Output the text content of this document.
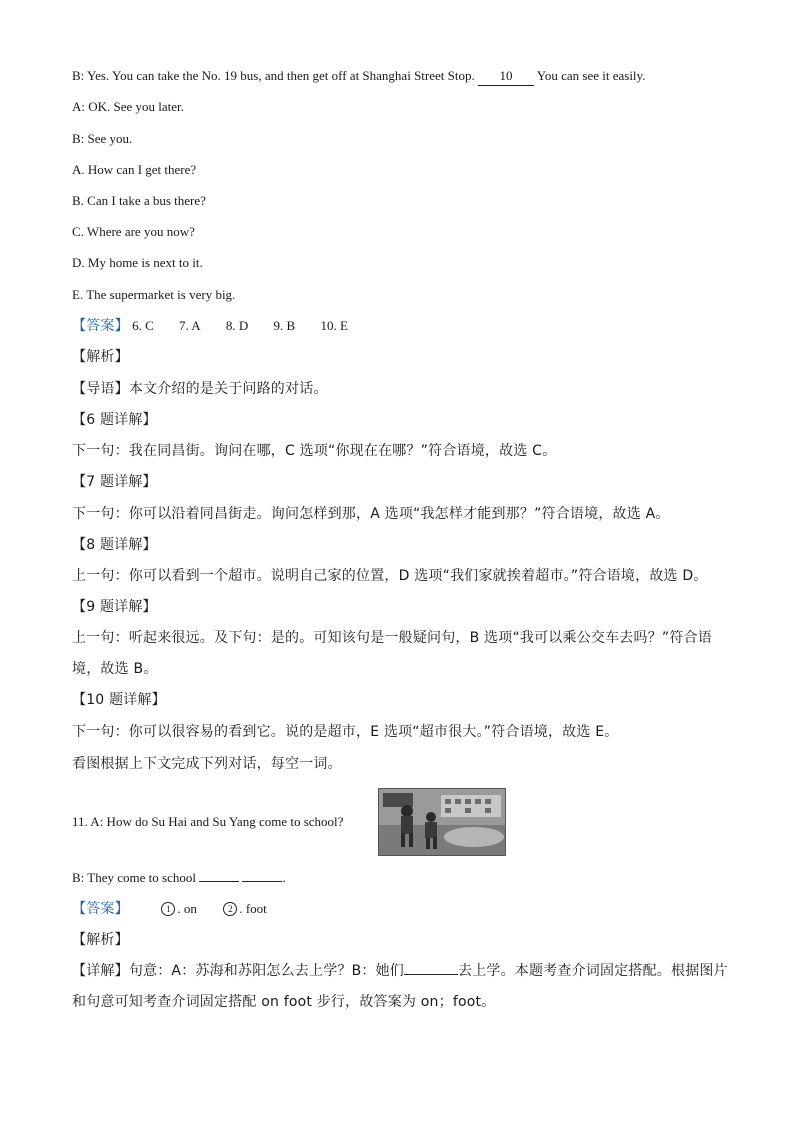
B: Yes. You can take the No. 19 bus, and then get off at Shanghai Street Stop. 10 You can see it easily.
A: OK. See you later.
B: See you.
A. How can I get there?
B. Can I take a bus there?
C. Where are you now?
D. My home is next to it.
E. The supermarket is very big.
【答案】 6. C 7. A 8. D 9. B 10. E
【解析】
【导语】本文介绍的是关于问路的对话。
【6 题详解】
下一句：我在同昌街。询问在哪，C 选项“你现在在哪？”符合语境，故选 C。
【7 题详解】
下一句：你可以沿着同昌街走。询问怎样到那，A 选项“我怎样才能到那？”符合语境，故选 A。
【8 题详解】
上一句：你可以看到一个超市。说明自己家的位置，D 选项“我们家就挨着超市。”符合语境，故选 D。
【9 题详解】
上一句：听起来很远。及下句：是的。可知该句是一般疑问句，B 选项“我可以乘公交车去吗？”符合语
境，故选 B。
【10 题详解】
下一句：你可以很容易的看到它。说的是超市，E 选项“超市很大。”符合语境，故选 E。
看图根据上下文完成下列对话，每空一词。
11. A: How do Su Hai and Su Yang come to school?
B: They come to school	.
【答案】	1 . on	2 . foot
【解析】
【详解】句意：A：苏海和苏阳怎么去上学？B：她们	去上学。本题考查介词固定搭配。根据图片
和句意可知考查介词固定搭配 on foot 步行，故答案为 on；foot。
